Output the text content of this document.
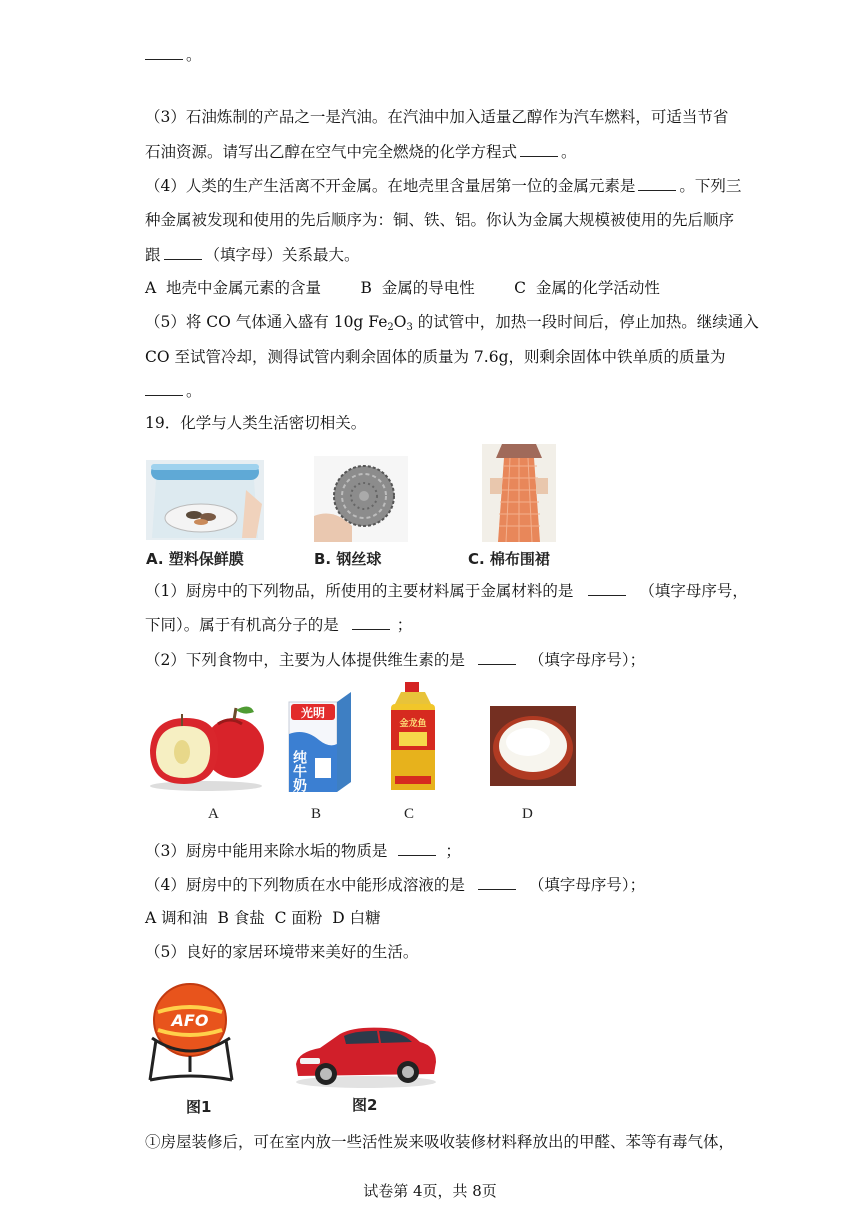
。
（3）石油炼制的产品之一是汽油。在汽油中加入适量乙醇作为汽车燃料，可适当节省
石油资源。请写出乙醇在空气中完全燃烧的化学方程式	。
（4）人类的生产生活离不开金属。在地壳里含量居第一位的金属元素是	。下列三
种金属被发现和使用的先后顺序为：铜、铁、铝。你认为金属大规模被使用的先后顺序
跟	（填字母）关系最大。
A  地壳中金属元素的含量        B  金属的导电性        C  金属的化学活动性
（5）将 CO 气体通入盛有 10g $Fe_2O_3$ 的试管中，加热一段时间后，停止加热。继续通入
CO 至试管冷却，测得试管内剩余固体的质量为 7.6g，则剩余固体中铁单质的质量为
。
19．化学与人类生活密切相关。
A. 塑料保鲜膜	B. 钢丝球	C. 棉布围裙
（1）厨房中的下列物品，所使用的主要材料属于金属材料的是	（填字母序号，
下同）。属于有机高分子的是	；
（2）下列食物中，主要为人体提供维生素的是	（填字母序号）；
光明
纯牛奶
金龙鱼
A	B	C	D
（3）厨房中能用来除水垢的物质是	；
（4）厨房中的下列物质在水中能形成溶液的是	（填字母序号）；
A 调和油  B 食盐  C 面粉  D 白糖
（5）良好的家居环境带来美好的生活。
AFO
图1	图2
①房屋装修后，可在室内放一些活性炭来吸收装修材料释放出的甲醛、苯等有毒气体，
试卷第 4页，共 8页
